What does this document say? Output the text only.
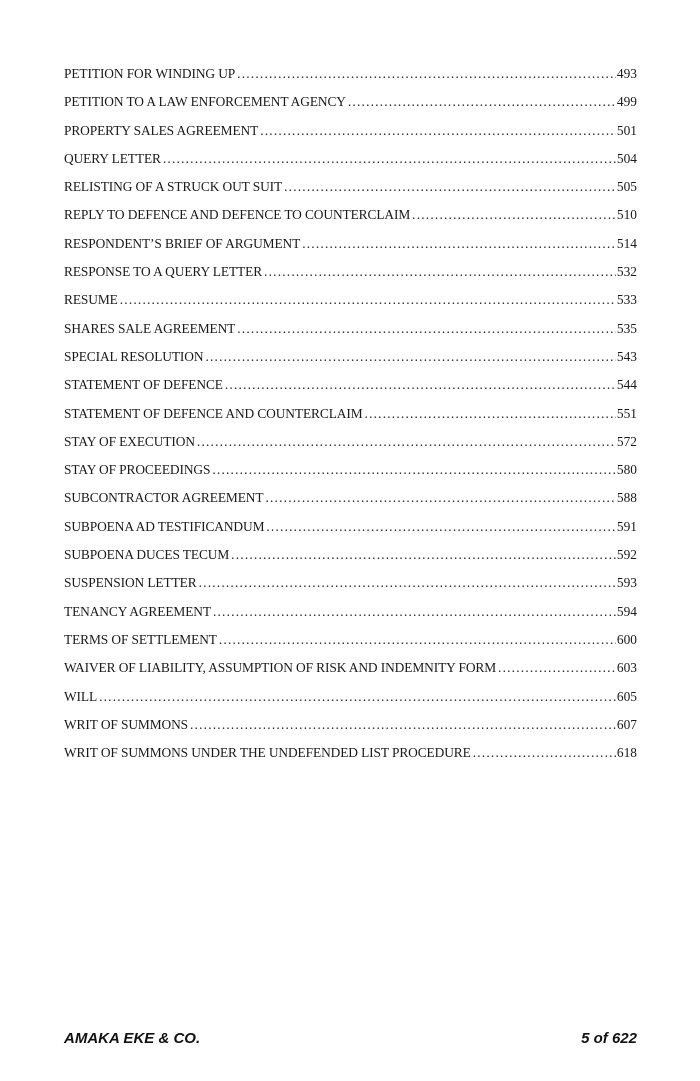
PETITION FOR WINDING UP .....	493
PETITION TO A LAW ENFORCEMENT AGENCY .....	499
PROPERTY SALES AGREEMENT .....	501
QUERY LETTER .....	504
RELISTING OF A STRUCK OUT SUIT .....	505
REPLY TO DEFENCE AND DEFENCE TO COUNTERCLAIM .....	510
RESPONDENT’S BRIEF OF ARGUMENT .....	514
RESPONSE TO A QUERY LETTER .....	532
RESUME .....	533
SHARES SALE AGREEMENT .....	535
SPECIAL RESOLUTION .....	543
STATEMENT OF DEFENCE .....	544
STATEMENT OF DEFENCE AND COUNTERCLAIM .....	551
STAY OF EXECUTION .....	572
STAY OF PROCEEDINGS .....	580
SUBCONTRACTOR AGREEMENT .....	588
SUBPOENA AD TESTIFICANDUM .....	591
SUBPOENA DUCES TECUM .....	592
SUSPENSION LETTER .....	593
TENANCY AGREEMENT .....	594
TERMS OF SETTLEMENT .....	600
WAIVER OF LIABILITY, ASSUMPTION OF RISK AND INDEMNITY FORM .....	603
WILL .....	605
WRIT OF SUMMONS .....	607
WRIT OF SUMMONS UNDER THE UNDEFENDED LIST PROCEDURE .....	618
AMAKA EKE & CO.	5 of 622
